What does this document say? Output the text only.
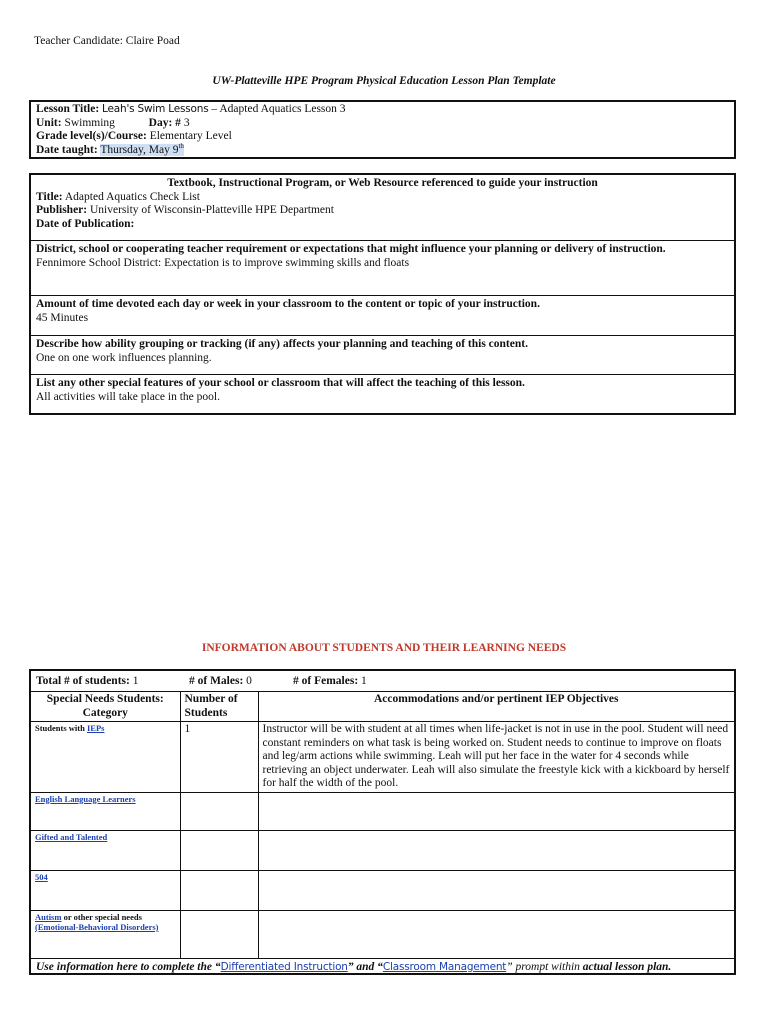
Teacher Candidate: Claire Poad
UW-Platteville HPE Program Physical Education Lesson Plan Template
Lesson Title: Leah's Swim Lessons – Adapted Aquatics Lesson 3
Unit: Swimming	Day: # 3
Grade level(s)/Course: Elementary Level
Date taught: Thursday, May 9th
Textbook, Instructional Program, or Web Resource referenced to guide your instruction
Title: Adapted Aquatics Check List
Publisher: University of Wisconsin-Platteville HPE Department
Date of Publication:
District, school or cooperating teacher requirement or expectations that might influence your planning or delivery of instruction.
Fennimore School District: Expectation is to improve swimming skills and floats
Amount of time devoted each day or week in your classroom to the content or topic of your instruction.
45 Minutes
Describe how ability grouping or tracking (if any) affects your planning and teaching of this content.
One on one work influences planning.
List any other special features of your school or classroom that will affect the teaching of this lesson.
All activities will take place in the pool.
INFORMATION ABOUT STUDENTS AND THEIR LEARNING NEEDS
Total # of students: 1	# of Males: 0	# of Females: 1
Special Needs Students: Category	Number of Students	Accommodations and/or pertinent IEP Objectives
Students with IEPs	1	Instructor will be with student at all times when life-jacket is not in use in the pool. Student will need constant reminders on what task is being worked on. Student needs to continue to improve on floats and leg/arm actions while swimming. Leah will put her face in the water for 4 seconds while retrieving an object underwater. Leah will also simulate the freestyle kick with a kickboard by herself for half the width of the pool.
English Language Learners		
Gifted and Talented		
504		
Autism or other special needs
(Emotional-Behavioral Disorders)		
Use information here to complete the “Differentiated Instruction” and “Classroom Management” prompt within actual lesson plan.
